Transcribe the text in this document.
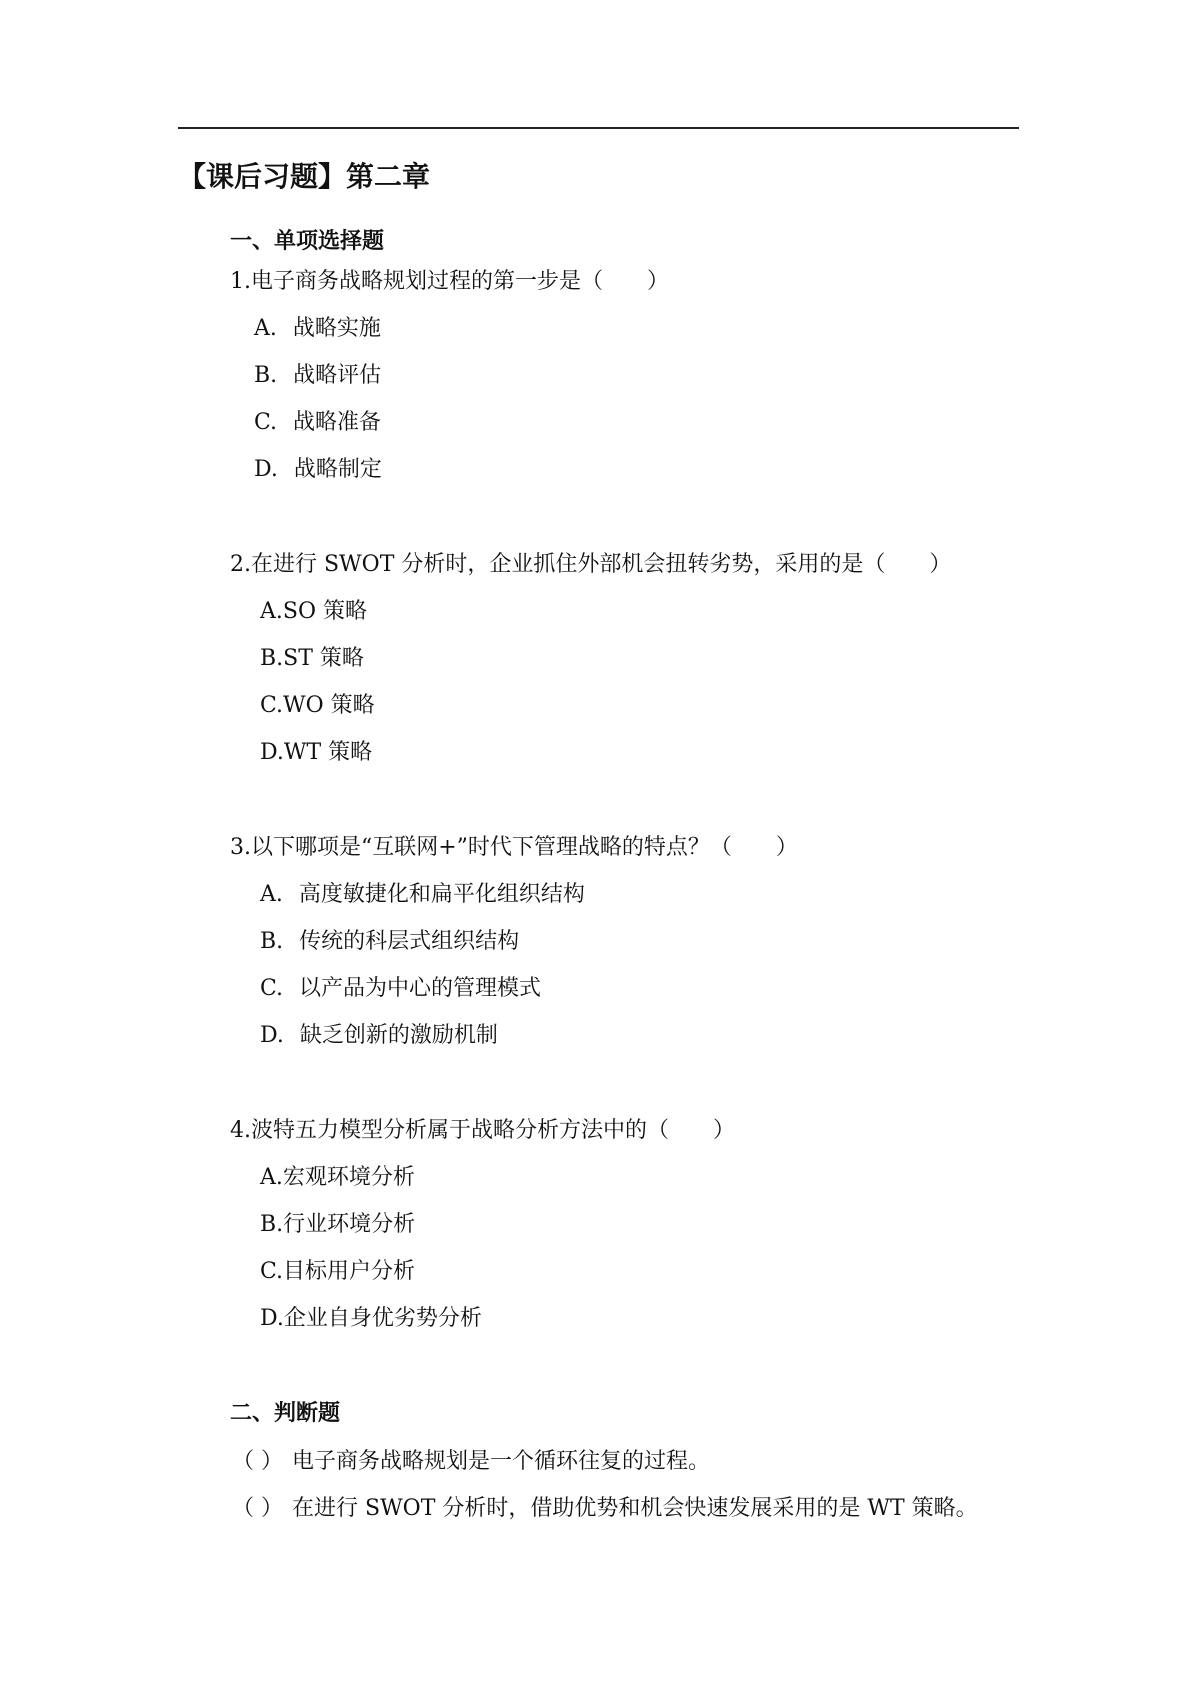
【课后习题】第二章
一、单项选择题
1.电子商务战略规划过程的第一步是（　　）
A. 战略实施
B. 战略评估
C. 战略准备
D. 战略制定
2.在进行 SWOT 分析时，企业抓住外部机会扭转劣势，采用的是（　　）
A.SO 策略
B.ST 策略
C.WO 策略
D.WT 策略
3.以下哪项是“互联网+”时代下管理战略的特点？（　　）
A. 高度敏捷化和扁平化组织结构
B. 传统的科层式组织结构
C. 以产品为中心的管理模式
D. 缺乏创新的激励机制
4.波特五力模型分析属于战略分析方法中的（　　）
A.宏观环境分析
B.行业环境分析
C.目标用户分析
D.企业自身优劣势分析
二、判断题
（ ） 电子商务战略规划是一个循环往复的过程。
（ ） 在进行 SWOT 分析时，借助优势和机会快速发展采用的是 WT 策略。
